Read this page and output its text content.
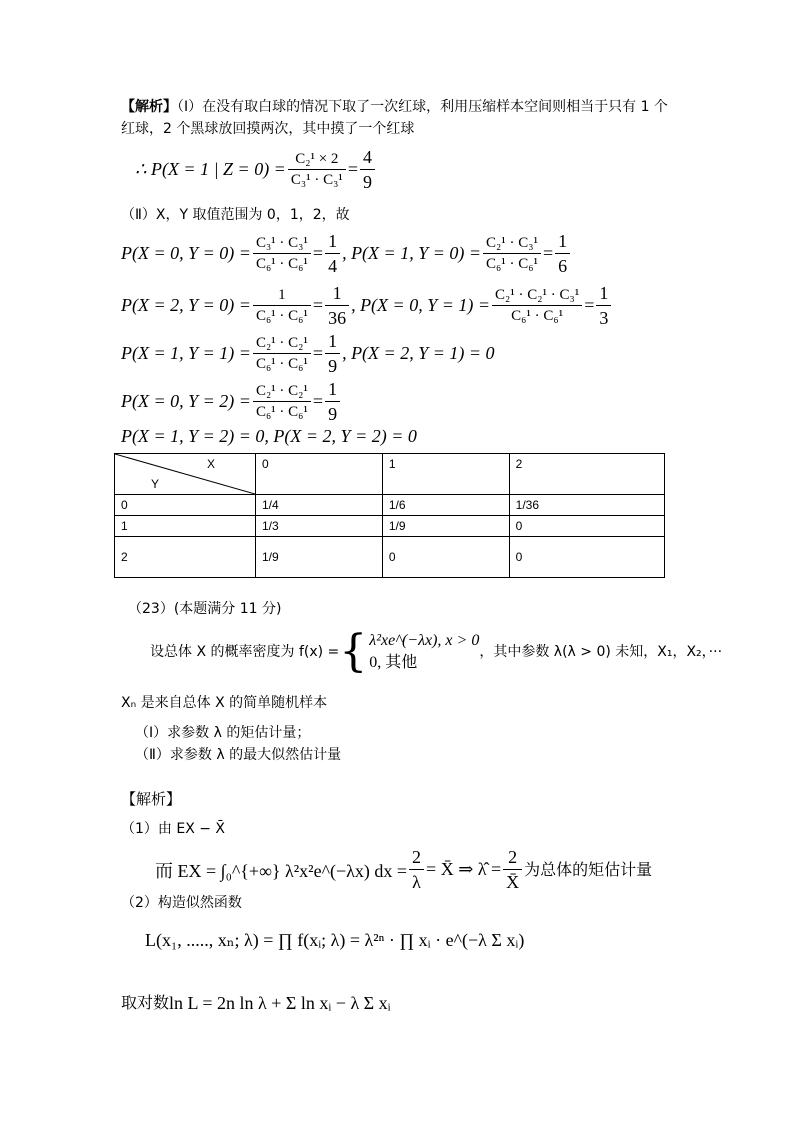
【解析】（Ⅰ）在没有取白球的情况下取了一次红球，利用压缩样本空间则相当于只有 1 个
红球，2 个黑球放回摸两次，其中摸了一个红球
∴ P(X = 1 | $Z = 0) = \frac{\text{C₂¹ × 2}}{\text{C₃¹ · C₃¹}} = \frac{4}{9}$
（Ⅱ）X，Y 取值范围为 0，1，2，故
P(X = 0, $Y = 0) = \frac{\text{C₃¹ · C₃¹}}{\text{C₆¹ · C₆¹}} = \frac{1}{4}$ , P(X = 1, $Y = 0) = \frac{\text{C₂¹ · C₃¹}}{\text{C₆¹ · C₆¹}} = \frac{1}{6}$
P(X = 2, $Y = 0) = \frac{1}{\text{C₆¹ · C₆¹}} = \frac{1}{36}$ , P(X = 0, $Y = 1) = \frac{\text{C₂¹ · C₂¹ · C₃¹}}{\text{C₆¹ · C₆¹}} = \frac{1}{3}$
P(X = 1, $Y = 1) = \frac{\text{C₂¹ · C₂¹}}{\text{C₆¹ · C₆¹}} = \frac{1}{9}$ , P(X = 2, Y = 1) = 0
P(X = 0, $Y = 2) = \frac{\text{C₂¹ · C₂¹}}{\text{C₆¹ · C₆¹}} = \frac{1}{9}$
P(X = 1, Y = 2) = 0, P(X = 2, Y = 2) = 0
X
Y	0	1	2
0	1/4	1/6	1/36
1	1/3	1/9	0
2	1/9	0	0
（23）(本题满分 11 分)
设总体 X 的概率密度为 f(x) = { λ²xe^(−λx), x > 0
0, 其他
，其中参数 λ(λ > 0) 未知，X₁，X₂，···
Xₙ 是来自总体 X 的简单随机样本
（Ⅰ）求参数 λ 的矩估计量；
（Ⅱ）求参数 λ 的最大似然估计量
【解析】
（1）由 EX − X̄
而 EX = ∫₀^{+∞} λ²x²e^(−λx) dx = $\frac{2}{\lambda}$ = X̄ ⇒ λ̂ = $\frac{2}{X̄}$ 为总体的矩估计量
（2）构造似然函数
L(x₁, ....., xₙ; λ) = ∏ f(xᵢ; λ) = λ²ⁿ · ∏ xᵢ · e^(−λ Σ xᵢ)
取对数 ln L = 2n ln λ + Σ ln xᵢ − λ Σ xᵢ
